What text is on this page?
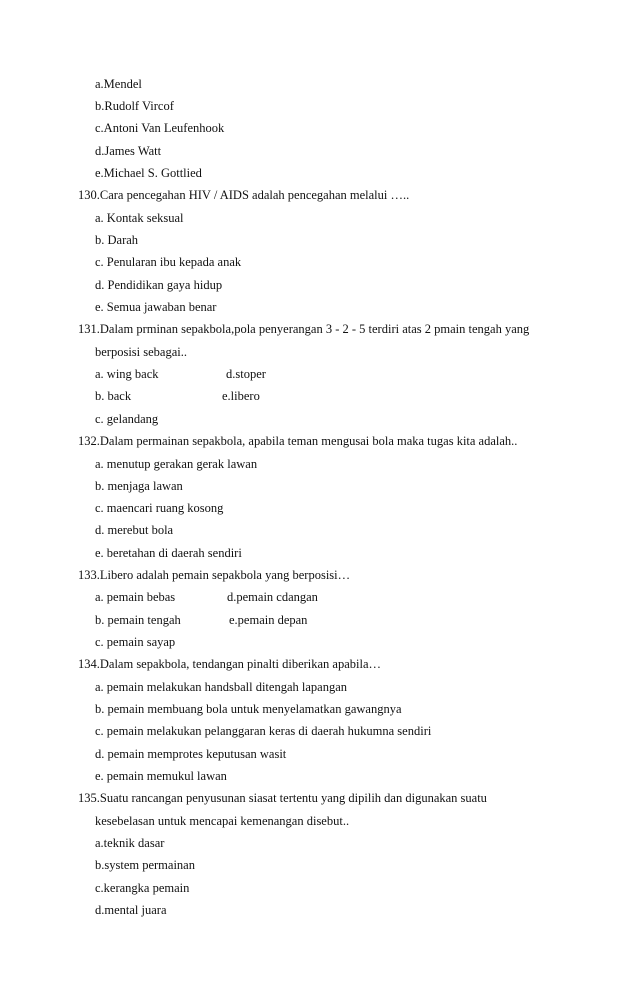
a.Mendel
b.Rudolf Vircof
c.Antoni Van Leufenhook
d.James Watt
e.Michael S. Gottlied
130.Cara pencegahan HIV / AIDS adalah pencegahan melalui …..
a. Kontak seksual
b. Darah
c. Penularan ibu kepada anak
d. Pendidikan gaya hidup
e. Semua jawaban benar
131.Dalam prminan sepakbola,pola penyerangan 3 - 2 - 5 terdiri atas 2 pmain tengah yang
berposisi sebagai..
a. wing back	d.stoper
b. back	e.libero
c. gelandang
132.Dalam permainan sepakbola, apabila teman mengusai bola maka tugas kita adalah..
a. menutup gerakan gerak lawan
b. menjaga lawan
c. maencari ruang kosong
d. merebut bola
e. beretahan di daerah sendiri
133.Libero adalah pemain sepakbola yang berposisi…
a. pemain bebas	d.pemain cdangan
b. pemain tengah	e.pemain depan
c. pemain sayap
134.Dalam sepakbola, tendangan pinalti diberikan apabila…
a. pemain melakukan handsball ditengah lapangan
b. pemain membuang bola untuk menyelamatkan gawangnya
c. pemain melakukan pelanggaran keras di daerah hukumna sendiri
d. pemain memprotes keputusan wasit
e. pemain memukul lawan
135.Suatu rancangan penyusunan siasat tertentu yang dipilih dan digunakan suatu
kesebelasan untuk mencapai kemenangan disebut..
a.teknik dasar
b.system permainan
c.kerangka pemain
d.mental juara
